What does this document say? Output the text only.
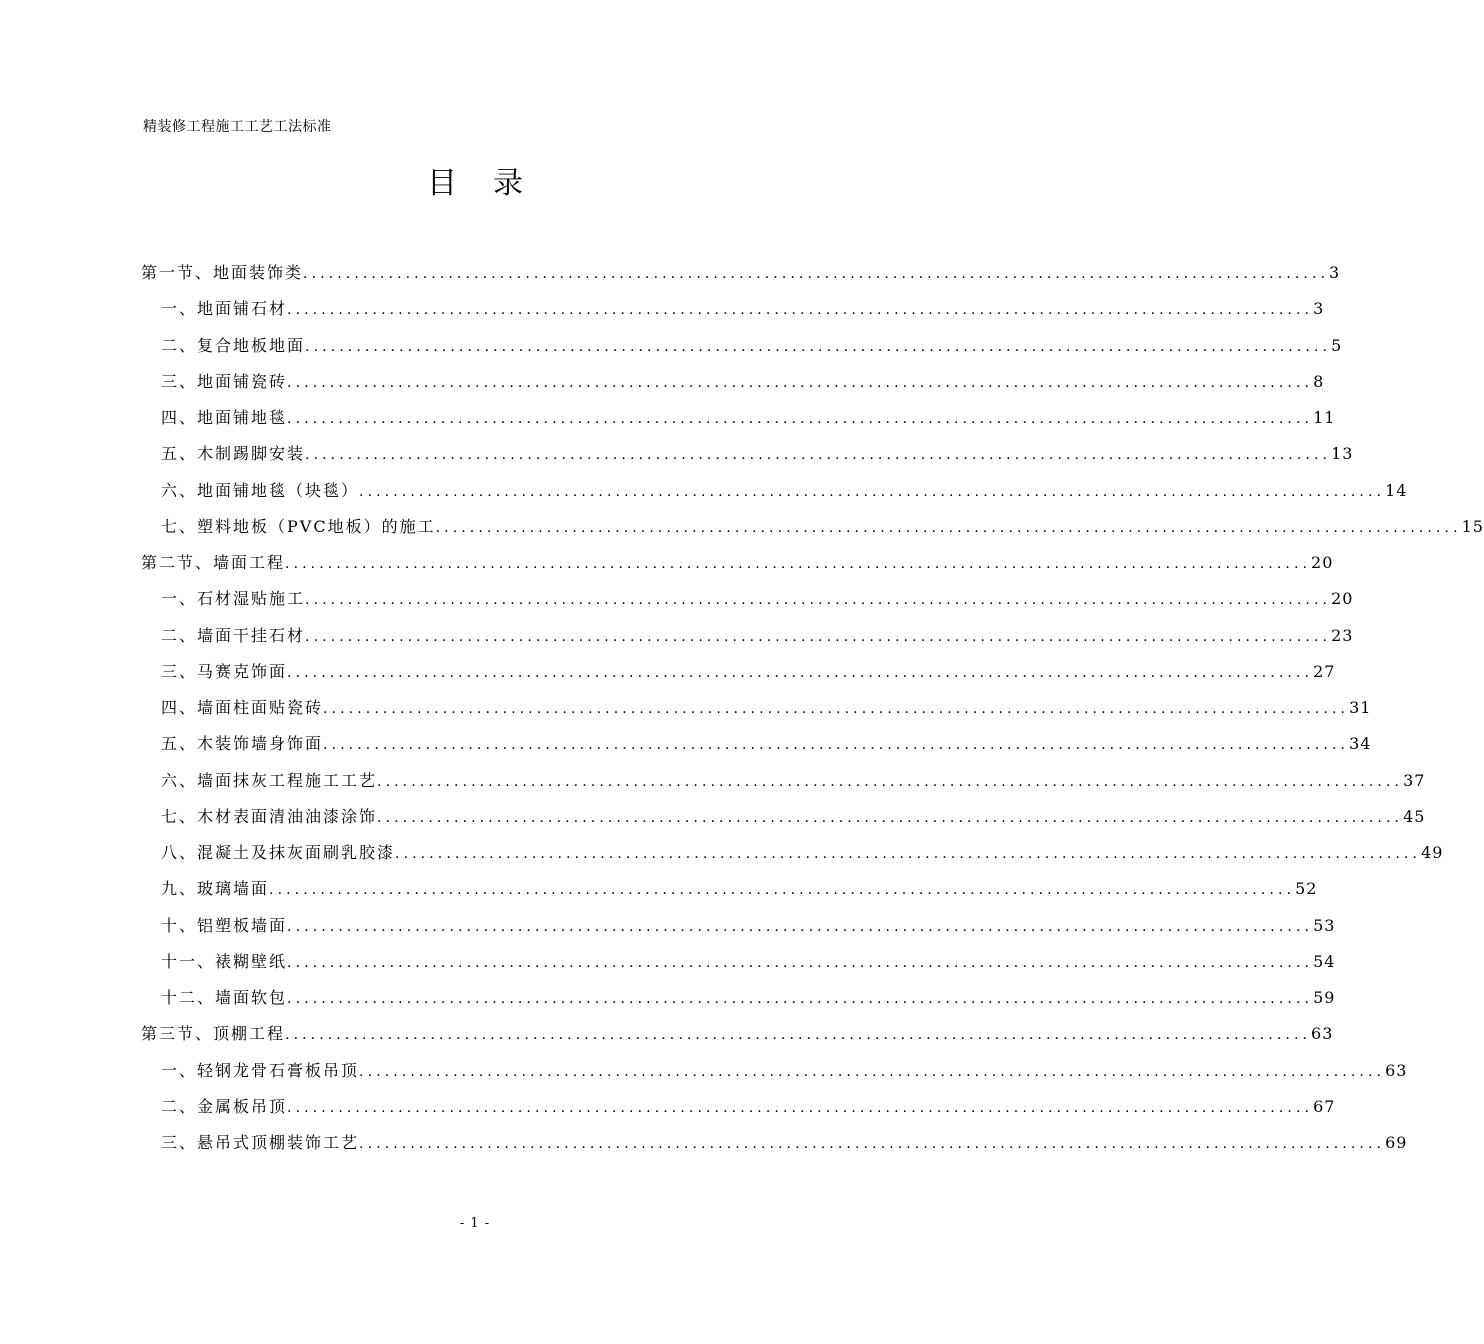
精装修工程施工工艺工法标准
目录
第一节、地面装饰类 ........................................................................................................................ 3
一、 地面铺石材 ........................................................................................................................ 3
二、 复合地板地面 ........................................................................................................................ 5
三、 地面铺瓷砖 ........................................................................................................................ 8
四、 地面铺地毯 ........................................................................................................................ 11
五、 木制踢脚安装 ........................................................................................................................ 13
六、 地面铺地毯（块毯） ........................................................................................................................ 14
七、 塑料地板（PVC地板）的施工 ........................................................................................................................ 15
第二节、墙面工程 ........................................................................................................................ 20
一、 石材湿贴施工 ........................................................................................................................ 20
二、 墙面干挂石材 ........................................................................................................................ 23
三、 马赛克饰面 ........................................................................................................................ 27
四、 墙面柱面贴瓷砖 ........................................................................................................................ 31
五、 木装饰墙身饰面 ........................................................................................................................ 34
六、 墙面抹灰工程施工工艺 ........................................................................................................................ 37
七、 木材表面清油油漆涂饰 ........................................................................................................................ 45
八、 混凝土及抹灰面刷乳胶漆 ........................................................................................................................ 49
九、 玻璃墙面 ........................................................................................................................ 52
十、 铝塑板墙面 ........................................................................................................................ 53
十一、 裱糊壁纸 ........................................................................................................................ 54
十二、 墙面软包 ........................................................................................................................ 59
第三节、顶棚工程 ........................................................................................................................ 63
一、 轻钢龙骨石膏板吊顶 ........................................................................................................................ 63
二、 金属板吊顶 ........................................................................................................................ 67
三、 悬吊式顶棚装饰工艺 ........................................................................................................................ 69
- 1 -
